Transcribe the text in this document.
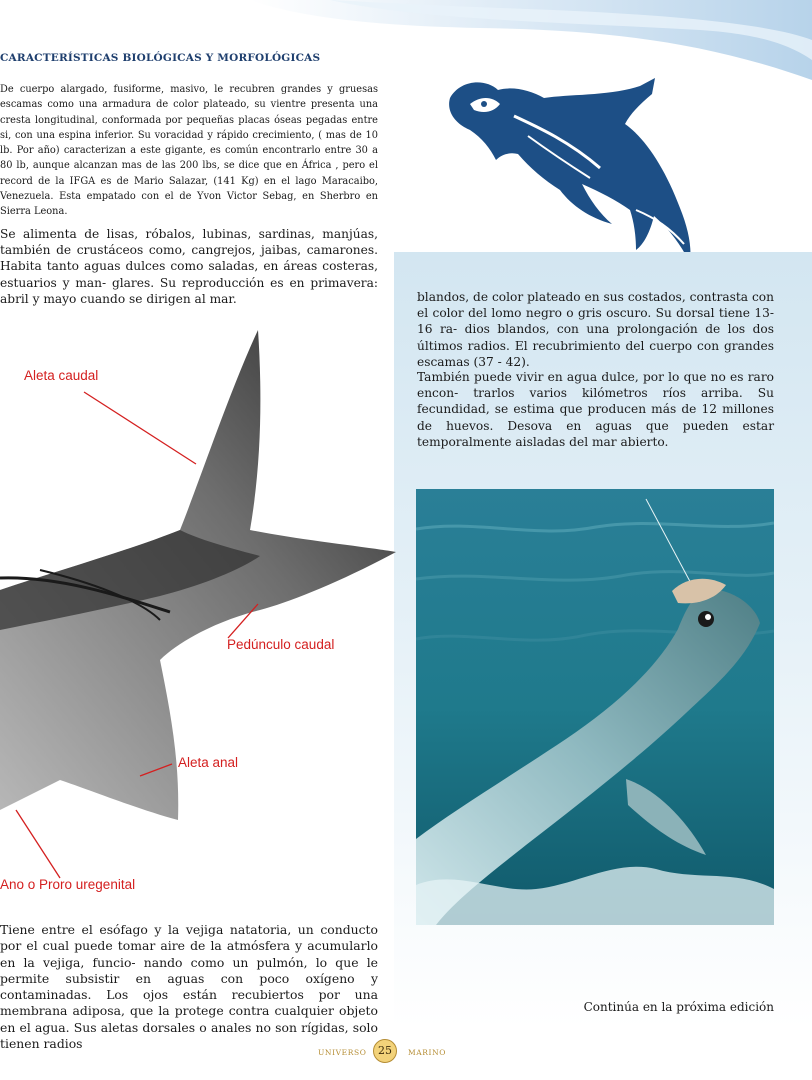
CARACTERÍSTICAS BIOLÓGICAS Y MORFOLÓGICAS

De cuerpo alargado, fusiforme, masivo, le recubren grandes y gruesas escamas como una armadura de color plateado, su vientre presenta una cresta longitudinal, conformada por pequeñas placas óseas pegadas entre si, con una espina inferior. Su voracidad y rápido crecimiento, ( mas de 10 lb. Por año) caracterizan a este gigante, es común encontrarlo entre 30 a 80 lb, aunque alcanzan mas de las 200 lbs, se dice que en África , pero el record de la IFGA es de Mario Salazar, (141 Kg) en el lago Maracaibo, Venezuela. Esta empatado con el de Yvon Victor Sebag, en Sherbro en Sierra Leona.

Se alimenta de lisas, róbalos, lubinas, sardinas, manjúas, también de crustáceos como, cangrejos, jaibas, camarones. Habita tanto aguas dulces como saladas, en áreas costeras, estuarios y man- glares. Su reproducción es en primavera: abril y mayo cuando se dirigen al mar.	blandos, de color plateado en sus costados, contrasta con el color del lomo negro o gris oscuro. Su dorsal tiene 13- 16 ra- dios blandos, con una prolongación de los dos últimos radios. El recubrimiento del cuerpo con grandes escamas (37 - 42).

También puede vivir en agua dulce, por lo que no es raro encon- trarlos varios kilómetros ríos arriba. Su fecundidad, se estima que producen más de 12 millones de huevos. Desova en aguas que pueden estar temporalmente aisladas del mar abierto.

Aleta caudal
Pedúnculo caudal
Aleta anal
Ano o Proro uregenital

Tiene entre el esófago y la vejiga natatoria, un conducto por el cual puede tomar aire de la atmósfera y acumularlo en la vejiga, funcio- nando como un pulmón, lo que le permite subsistir en aguas con poco oxígeno y contaminadas. Los ojos están recubiertos por una membrana adiposa, que la protege contra cualquier objeto en el agua. Sus aletas dorsales o anales no son rígidas, solo tienen radios

Continúa en la próxima edición
UNIVERSO	25	MARINO
